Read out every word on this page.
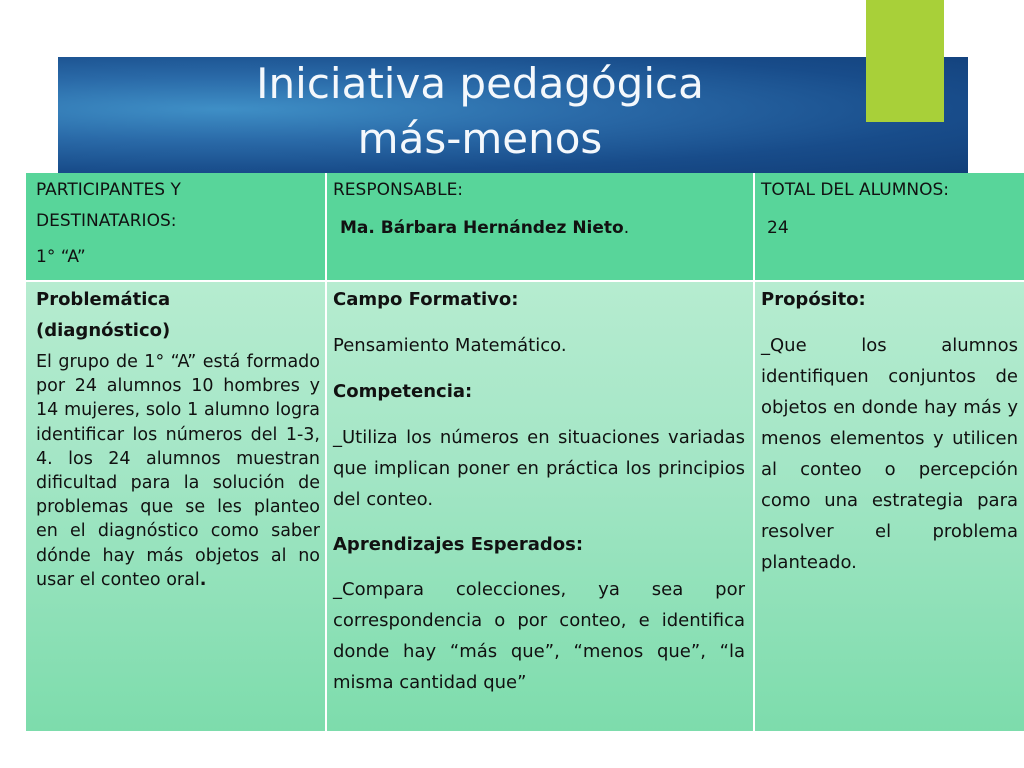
Iniciativa pedagógica
más-menos
PARTICIPANTES Y
DESTINATARIOS:
1° “A”
RESPONSABLE:
Ma. Bárbara Hernández Nieto.
TOTAL DEL ALUMNOS:
24

Problemática

(diagnóstico)

El grupo de 1° “A” está formado por 24 alumnos 10 hombres y 14 mujeres, solo 1 alumno logra identificar los números del 1-3, 4. los 24 alumnos muestran dificultad para la solución de problemas que se les planteo en el diagnóstico como saber dónde hay más objetos al no usar el conteo oral.

Campo Formativo:

Pensamiento Matemático.

Competencia:

_Utiliza los números en situaciones variadas que implican poner en práctica los principios del conteo.

Aprendizajes Esperados:

_Compara colecciones, ya sea por correspondencia o por conteo, e identifica donde hay “más que”, “menos que”, “la misma cantidad que”

Propósito:

_Que los alumnos identifiquen conjuntos de objetos en donde hay más y menos elementos y utilicen al conteo o percepción como una estrategia para resolver el problema planteado.
